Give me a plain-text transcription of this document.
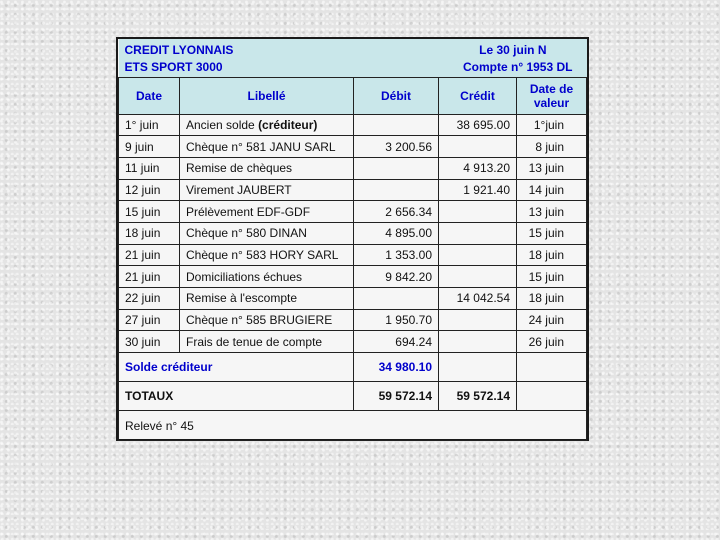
CREDIT LYONNAIS			Le 30 juin N	
ETS SPORT 3000			Compte n° 1953 DL	
Date	Libellé	Débit	Crédit	Date de
valeur
1° juin	Ancien solde (créditeur)		38 695.00	1°juin
9 juin	Chèque n° 581 JANU SARL	3 200.56		8 juin
11 juin	Remise de chèques		4 913.20	13 juin
12 juin	Virement JAUBERT		1 921.40	14 juin
15 juin	Prélèvement EDF-GDF	2 656.34		13 juin
18 juin	Chèque n° 580 DINAN	4 895.00		15 juin
21 juin	Chèque n° 583 HORY SARL	1 353.00		18 juin
21 juin	Domiciliations échues	9 842.20		15 juin
22 juin	Remise à l'escompte		14 042.54	18 juin
27 juin	Chèque n° 585 BRUGIERE	1 950.70		24 juin
30 juin	Frais de tenue de compte	694.24		26 juin
Solde créditeur		34 980.10		
TOTAUX		59 572.14	59 572.14	
Relevé n° 45				
